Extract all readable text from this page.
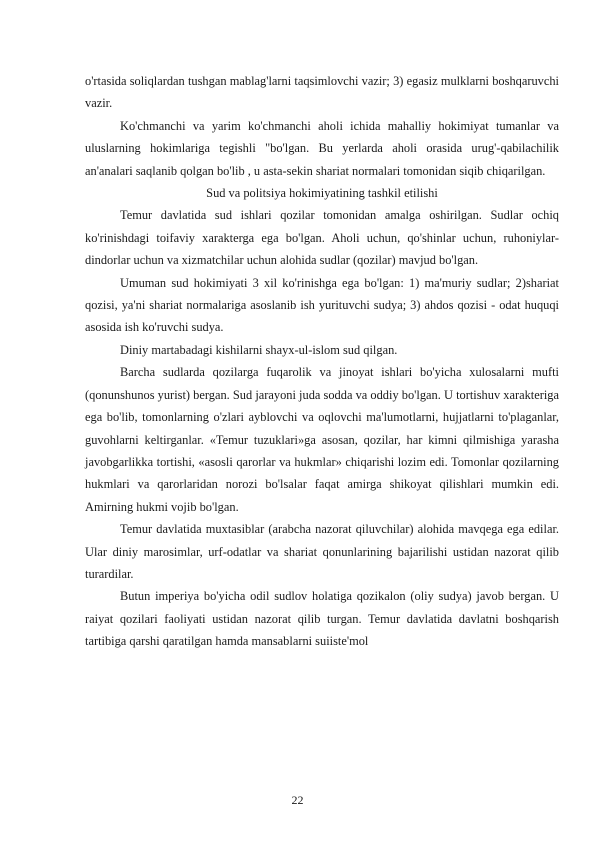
o'rtasida soliqlardan tushgan mablag'larni taqsimlovchi vazir; 3) egasiz mulklarni boshqaruvchi vazir.

Ko'chmanchi va yarim ko'chmanchi aholi ichida mahalliy hokimiyat tumanlar va uluslarning hokimlariga tegishli "bo'lgan. Bu yerlarda aholi orasida urug'-qabilachilik an'analari saqlanib qolgan bo'lib , u asta-sekin shariat normalari tomonidan siqib chiqarilgan.

Sud va politsiya hokimiyatining tashkil etilishi

Temur davlatida sud ishlari qozilar tomonidan amalga oshirilgan. Sudlar ochiq ko'rinishdagi toifaviy xarakterga ega bo'lgan. Aholi uchun, qo'shinlar uchun, ruhoniylar-dindorlar uchun va xizmatchilar uchun alohida sudlar (qozilar) mavjud bo'lgan.

Umuman sud hokimiyati 3 xil ko'rinishga ega bo'lgan: 1) ma'muriy sudlar; 2)shariat qozisi, ya'ni shariat normalariga asoslanib ish yurituvchi sudya; 3) ahdos qozisi - odat huquqi asosida ish ko'ruvchi sudya.

Diniy martabadagi kishilarni shayx-ul-islom sud qilgan.

Barcha sudlarda qozilarga fuqarolik va jinoyat ishlari bo'yicha xulosalarni mufti (qonunshunos yurist) bergan. Sud jarayoni juda sodda va oddiy bo'lgan. U tortishuv xarakteriga ega bo'lib, tomonlarning o'zlari ayblovchi va oqlovchi ma'lumotlarni, hujjatlarni to'plaganlar, guvohlarni keltirganlar. «Temur tuzuklari»ga asosan, qozilar, har kimni qilmishiga yarasha javobgarlikka tortishi, «asosli qarorlar va hukmlar» chiqarishi lozim edi. Tomonlar qozilarning hukmlari va qarorlaridan norozi bo'lsalar faqat amirga shikoyat qilishlari mumkin edi. Amirning hukmi vojib bo'lgan.

Temur davlatida muxtasiblar (arabcha nazorat qiluvchilar) alohida mavqega ega edilar. Ular diniy marosimlar, urf-odatlar va shariat qonunlarining bajarilishi ustidan nazorat qilib turardilar.

Butun imperiya bo'yicha odil sudlov holatiga qozikalon (oliy sudya) javob bergan. U raiyat qozilari faoliyati ustidan nazorat qilib turgan. Temur davlatida davlatni boshqarish tartibiga qarshi qaratilgan hamda mansablarni suiiste'mol

22
